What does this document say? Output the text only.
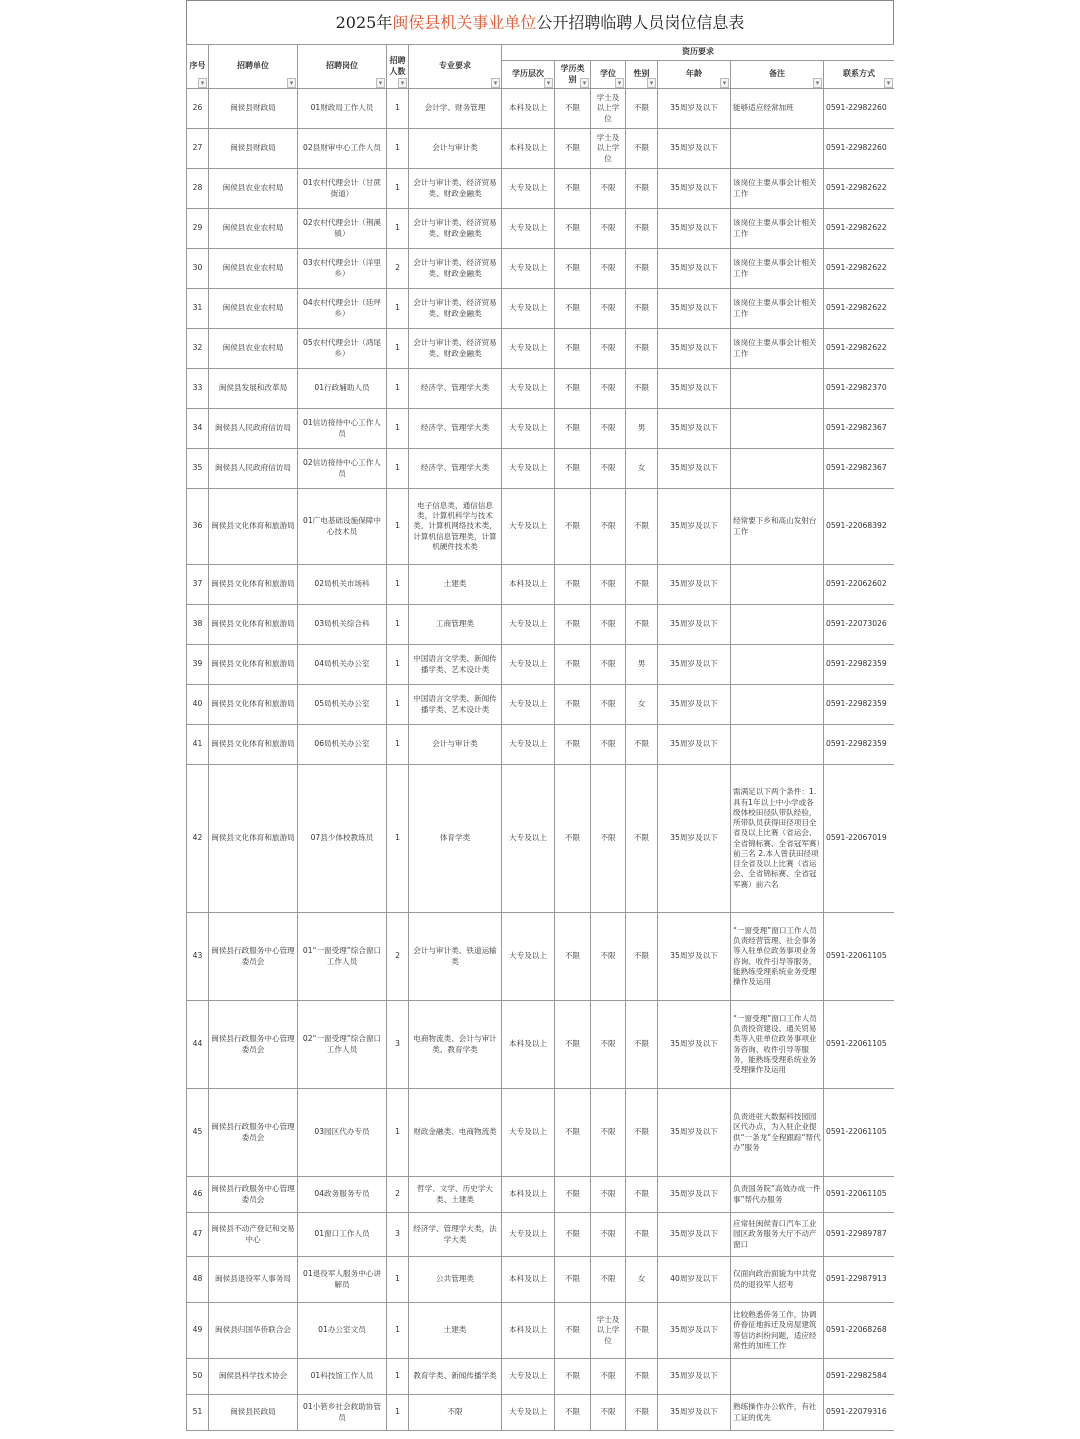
2025年闽侯县机关事业单位公开招聘临聘人员岗位信息表
序号 ▾	招聘单位 ▾	招聘岗位 ▾	招聘人数 ▾	专业要求 ▾	资历要求						
					学历层次 ▾	学历类别 ▾	学位 ▾	性别 ▾	年龄 ▾	备注 ▾	联系方式 ▾
26	闽侯县财政局	01财政局工作人员	1	会计学、财务管理	本科及以上	不限	学士及以上学位	不限	35周岁及以下	能够适应经常加班	0591-22982260
27	闽侯县财政局	02县财审中心工作人员	1	会计与审计类	本科及以上	不限	学士及以上学位	不限	35周岁及以下		0591-22982260
28	闽侯县农业农村局	01农村代理会计（甘蔗街道）	1	会计与审计类、经济贸易类、财政金融类	大专及以上	不限	不限	不限	35周岁及以下	该岗位主要从事会计相关工作	0591-22982622
29	闽侯县农业农村局	02农村代理会计（荆溪镇）	1	会计与审计类、经济贸易类、财政金融类	大专及以上	不限	不限	不限	35周岁及以下	该岗位主要从事会计相关工作	0591-22982622
30	闽侯县农业农村局	03农村代理会计（洋里乡）	2	会计与审计类、经济贸易类、财政金融类	大专及以上	不限	不限	不限	35周岁及以下	该岗位主要从事会计相关工作	0591-22982622
31	闽侯县农业农村局	04农村代理会计（廷坪乡）	1	会计与审计类、经济贸易类、财政金融类	大专及以上	不限	不限	不限	35周岁及以下	该岗位主要从事会计相关工作	0591-22982622
32	闽侯县农业农村局	05农村代理会计（鸿尾乡）	1	会计与审计类、经济贸易类、财政金融类	大专及以上	不限	不限	不限	35周岁及以下	该岗位主要从事会计相关工作	0591-22982622
33	闽侯县发展和改革局	01行政辅助人员	1	经济学、管理学大类	大专及以上	不限	不限	不限	35周岁及以下		0591-22982370
34	闽侯县人民政府信访局	01信访接待中心工作人员	1	经济学、管理学大类	大专及以上	不限	不限	男	35周岁及以下		0591-22982367
35	闽侯县人民政府信访局	02信访接待中心工作人员	1	经济学、管理学大类	大专及以上	不限	不限	女	35周岁及以下		0591-22982367
36	闽侯县文化体育和旅游局	01广电基础设施保障中心技术员	1	电子信息类，通信信息类，计算机科学与技术类，计算机网络技术类，计算机信息管理类，计算机硬件技术类	大专及以上	不限	不限	不限	35周岁及以下	经常要下乡和高山发射台工作	0591-22068392
37	闽侯县文化体育和旅游局	02局机关市场科	1	土建类	本科及以上	不限	不限	不限	35周岁及以下		0591-22062602
38	闽侯县文化体育和旅游局	03局机关综合科	1	工商管理类	大专及以上	不限	不限	不限	35周岁及以下		0591-22073026
39	闽侯县文化体育和旅游局	04局机关办公室	1	中国语言文学类、新闻传播学类、艺术设计类	大专及以上	不限	不限	男	35周岁及以下		0591-22982359
40	闽侯县文化体育和旅游局	05局机关办公室	1	中国语言文学类、新闻传播学类、艺术设计类	大专及以上	不限	不限	女	35周岁及以下		0591-22982359
41	闽侯县文化体育和旅游局	06局机关办公室	1	会计与审计类	大专及以上	不限	不限	不限	35周岁及以下		0591-22982359
42	闽侯县文化体育和旅游局	07县少体校教练员	1	体育学类	大专及以上	不限	不限	不限	35周岁及以下	需满足以下两个条件：1.具有1年以上中小学或各级体校田径队带队经验，所带队员获得田径项目全省及以上比赛（省运会、全省锦标赛、全省冠军赛）前三名 2.本人曾获田径项目全省及以上比赛（省运会、全省锦标赛、全省冠军赛）前六名	0591-22067019
43	闽侯县行政服务中心管理委员会	01“一窗受理”综合窗口工作人员	2	会计与审计类、铁道运输类	大专及以上	不限	不限	不限	35周岁及以下	“一窗受理”窗口工作人员负责经营管理、社会事务等入驻单位政务事项业务咨询、收件引导等服务，能熟练受理系统业务受理操作及运用	0591-22061105
44	闽侯县行政服务中心管理委员会	02“一窗受理”综合窗口工作人员	3	电商物流类、会计与审计类、教育学类	本科及以上	不限	不限	不限	35周岁及以下	“一窗受理”窗口工作人员负责投资建设、通关贸易类等入驻单位政务事项业务咨询、收件引导等服务，能熟练受理系统业务受理操作及运用	0591-22061105
45	闽侯县行政服务中心管理委员会	03园区代办专员	1	财政金融类、电商物流类	大专及以上	不限	不限	不限	35周岁及以下	负责进驻大数据科技园园区代办点，为入驻企业提供“一条龙”全程跟踪“帮代办”服务	0591-22061105
46	闽侯县行政服务中心管理委员会	04政务服务专员	2	哲学、文学、历史学大类、土建类	本科及以上	不限	不限	不限	35周岁及以下	负责国务院“高效办成一件事”帮代办服务	0591-22061105
47	闽侯县不动产登记和交易中心	01窗口工作人员	3	经济学、管理学大类，法学大类	大专及以上	不限	不限	不限	35周岁及以下	应常驻闽侯青口汽车工业园区政务服务大厅不动产窗口	0591-22989787
48	闽侯县退役军人事务局	01退役军人服务中心讲解员	1	公共管理类	本科及以上	不限	不限	女	40周岁及以下	仅面向政治面貌为中共党员的退役军人招考	0591-22987913
49	闽侯县归国华侨联合会	01办公室文员	1	土建类	本科及以上	不限	学士及以上学位	不限	35周岁及以下	比较熟悉侨务工作，协调侨眷征地拆迁及房屋建筑等信访纠纷问题，适应经常性的加班工作	0591-22068268
50	闽侯县科学技术协会	01科技馆工作人员	1	教育学类、新闻传播学类	大专及以上	不限	不限	不限	35周岁及以下		0591-22982584
51	闽侯县民政局	01小箬乡社会救助协管员	1	不限	大专及以上	不限	不限	不限	35周岁及以下	熟练操作办公软件，有社工证的优先	0591-22079316
